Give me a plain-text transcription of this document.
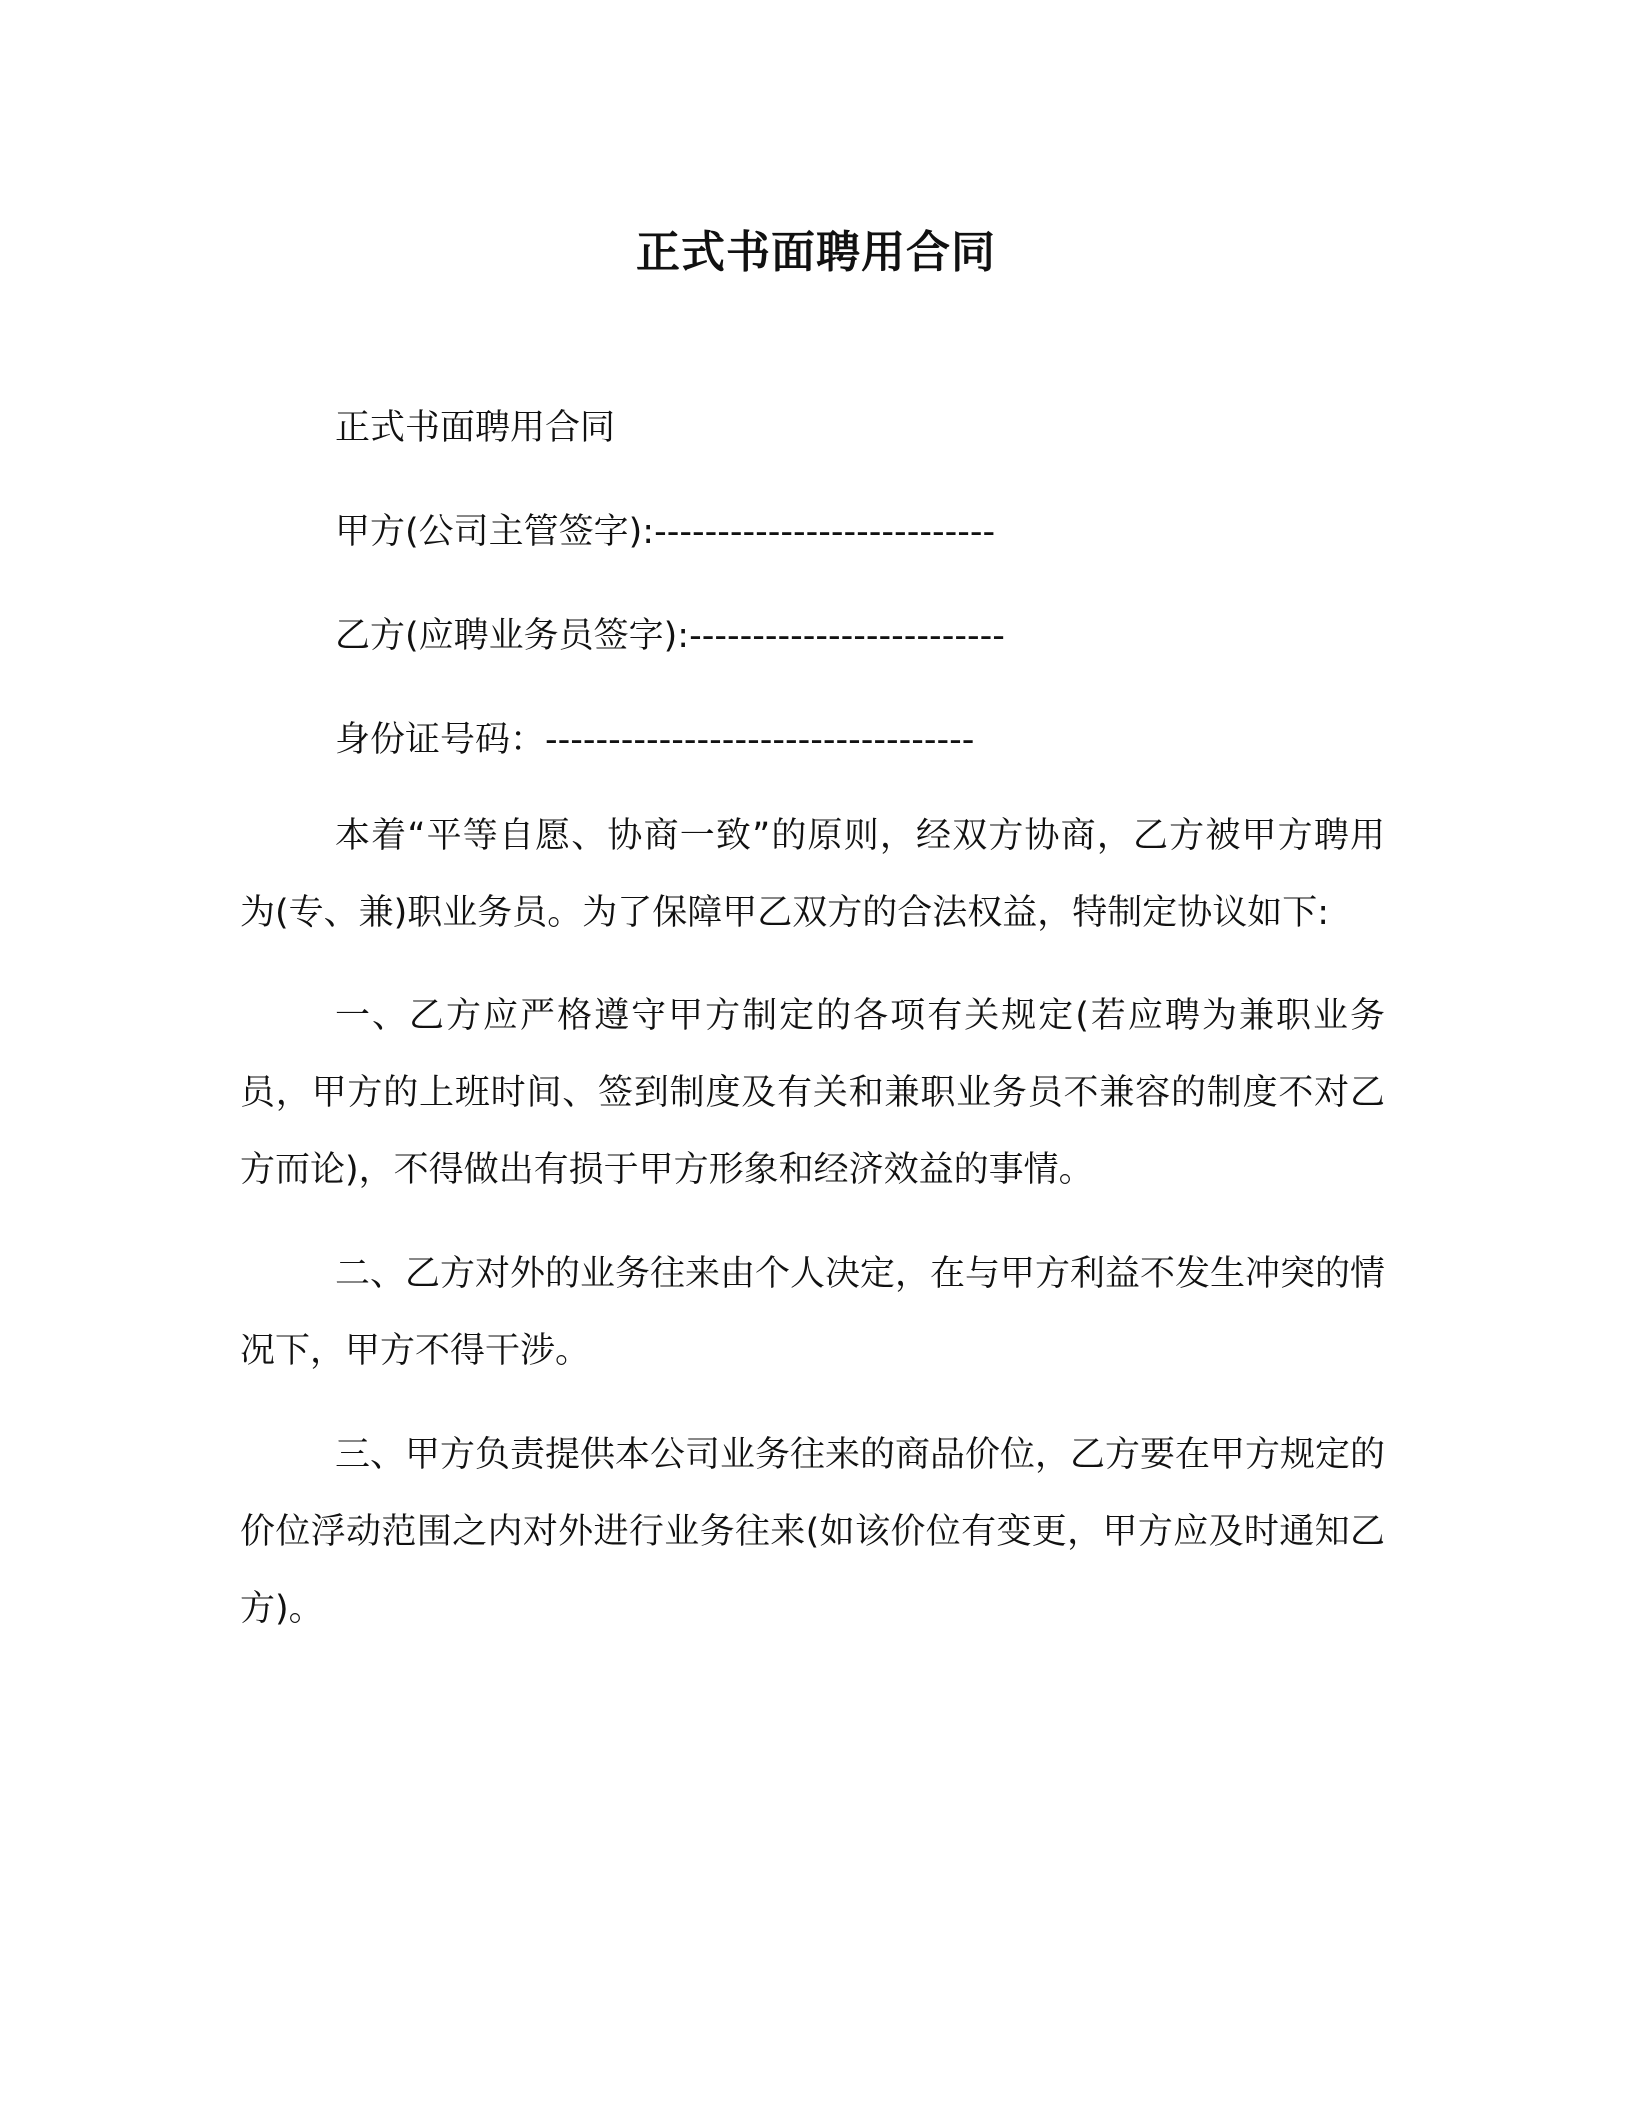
正式书面聘用合同

正式书面聘用合同

甲方(公司主管签字):---------------------------

乙方(应聘业务员签字):-------------------------

身份证号码：----------------------------------

本着“平等自愿、协商一致”的原则，经双方协商，乙方被甲方聘用为(专、兼)职业务员。为了保障甲乙双方的合法权益，特制定协议如下:

一、乙方应严格遵守甲方制定的各项有关规定(若应聘为兼职业务员，甲方的上班时间、签到制度及有关和兼职业务员不兼容的制度不对乙方而论)，不得做出有损于甲方形象和经济效益的事情。

二、乙方对外的业务往来由个人决定，在与甲方利益不发生冲突的情况下，甲方不得干涉。

三、甲方负责提供本公司业务往来的商品价位，乙方要在甲方规定的价位浮动范围之内对外进行业务往来(如该价位有变更，甲方应及时通知乙方)。
